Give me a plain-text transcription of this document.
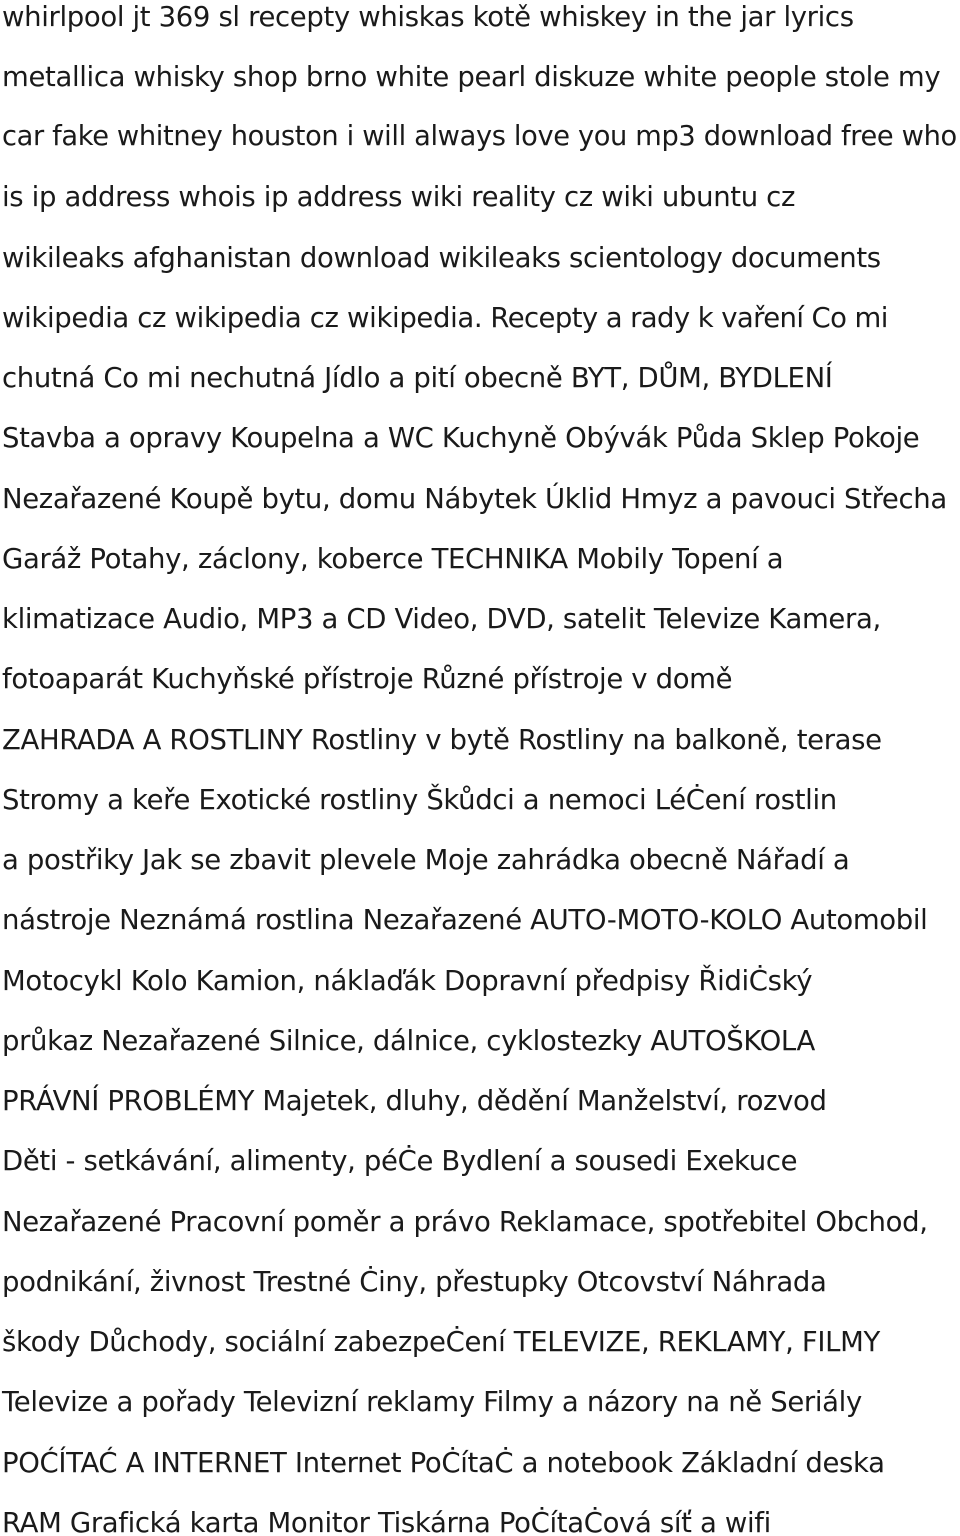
whirlpool jt 369 sl recepty whiskas kotě whiskey in the jar lyrics
metallica whisky shop brno white pearl diskuze white people stole my
car fake whitney houston i will always love you mp3 download free who
is ip address whois ip address wiki reality cz wiki ubuntu cz
wikileaks afghanistan download wikileaks scientology documents
wikipedia cz wikipedia cz wikipedia. Recepty a rady k vaření Co mi
chutná Co mi nechutná Jídlo a pití obecně BYT, DŮM, BYDLENÍ
Stavba a opravy Koupelna a WC Kuchyně Obývák Půda Sklep Pokoje
Nezařazené Koupě bytu, domu Nábytek Úklid Hmyz a pavouci Střecha
Garáž Potahy, záclony, koberce TECHNIKA Mobily Topení a
klimatizace Audio, MP3 a CD Video, DVD, satelit Televize Kamera,
fotoaparát Kuchyňské přístroje Různé přístroje v domě
ZAHRADA A ROSTLINY Rostliny v bytě Rostliny na balkoně, terase
Stromy a keře Exotické rostliny Škůdci a nemoci LéĊení rostlin
a postřiky Jak se zbavit plevele Moje zahrádka obecně Nářadí a
nástroje Neznámá rostlina Nezařazené AUTO-MOTO-KOLO Automobil
Motocykl Kolo Kamion, náklaďák Dopravní předpisy ŘidiĊský
průkaz Nezařazené Silnice, dálnice, cyklostezky AUTOŠKOLA
PRÁVNÍ PROBLÉMY Majetek, dluhy, dědění Manželství, rozvod
Děti - setkávání, alimenty, péĊe Bydlení a sousedi Exekuce
Nezařazené Pracovní poměr a právo Reklamace, spotřebitel Obchod,
podnikání, živnost Trestné Ċiny, přestupky Otcovství Náhrada
škody Důchody, sociální zabezpeĊení TELEVIZE, REKLAMY, FILMY
Televize a pořady Televizní reklamy Filmy a názory na ně Seriály
POĆÍTAĆ A INTERNET Internet PoĊítaĊ a notebook Základní deska
RAM Grafická karta Monitor Tiskárna PoĊítaĊová síť a wifi
